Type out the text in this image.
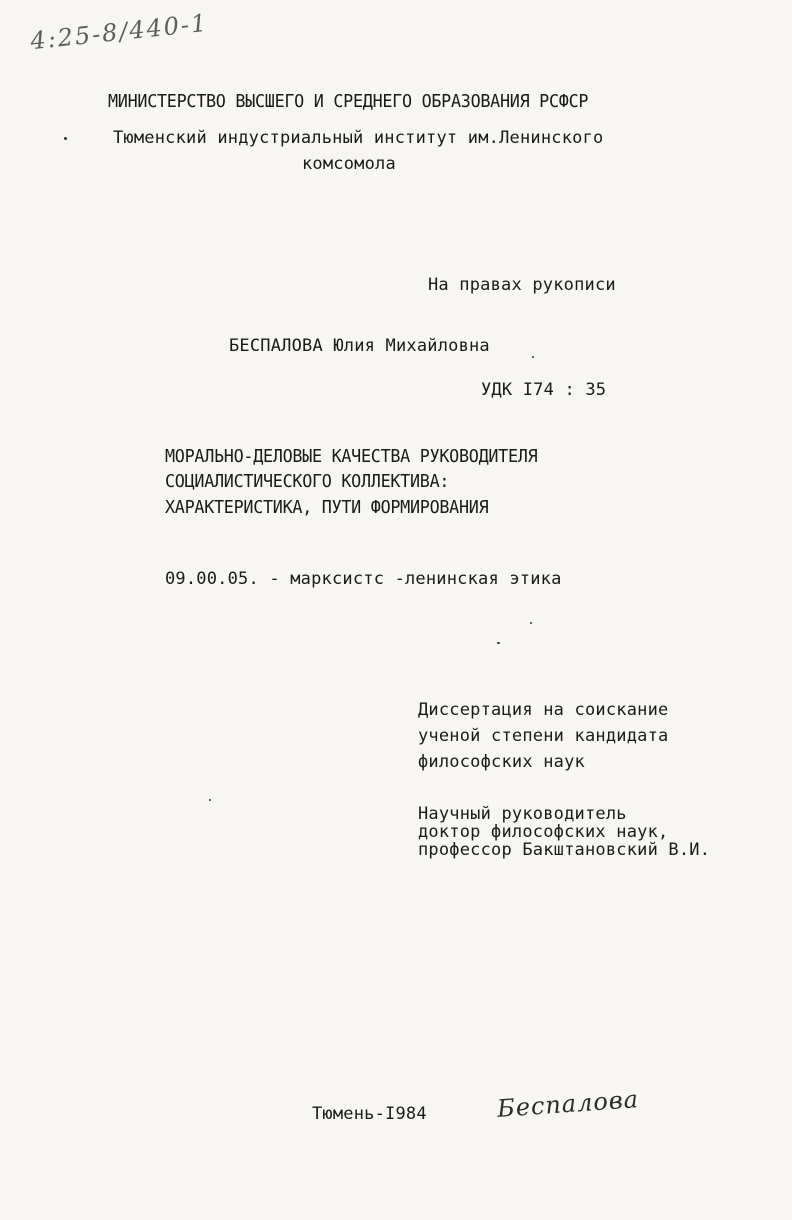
4:25-8/440-1
МИНИСТЕРСТВО ВЫСШЕГО И СРЕДНЕГО ОБРАЗОВАНИЯ РСФСР
Тюменский индустриальный институт им.Ленинского
комсомола
На правах рукописи
БЕСПАЛОВА Юлия Михайловна
УДК I74 : 35
МОРАЛЬНО-ДЕЛОВЫЕ КАЧЕСТВА РУКОВОДИТЕЛЯ
СОЦИАЛИСТИЧЕСКОГО КОЛЛЕКТИВА:
ХАРАКТЕРИСТИКА, ПУТИ ФОРМИРОВАНИЯ
09.00.05. - марксистс -ленинская этика
Диссертация на соискание
ученой степени кандидата
философских наук
Научный руководитель
доктор философских наук,
профессор Бакштановский В.И.
Тюмень-I984	Беспалова
